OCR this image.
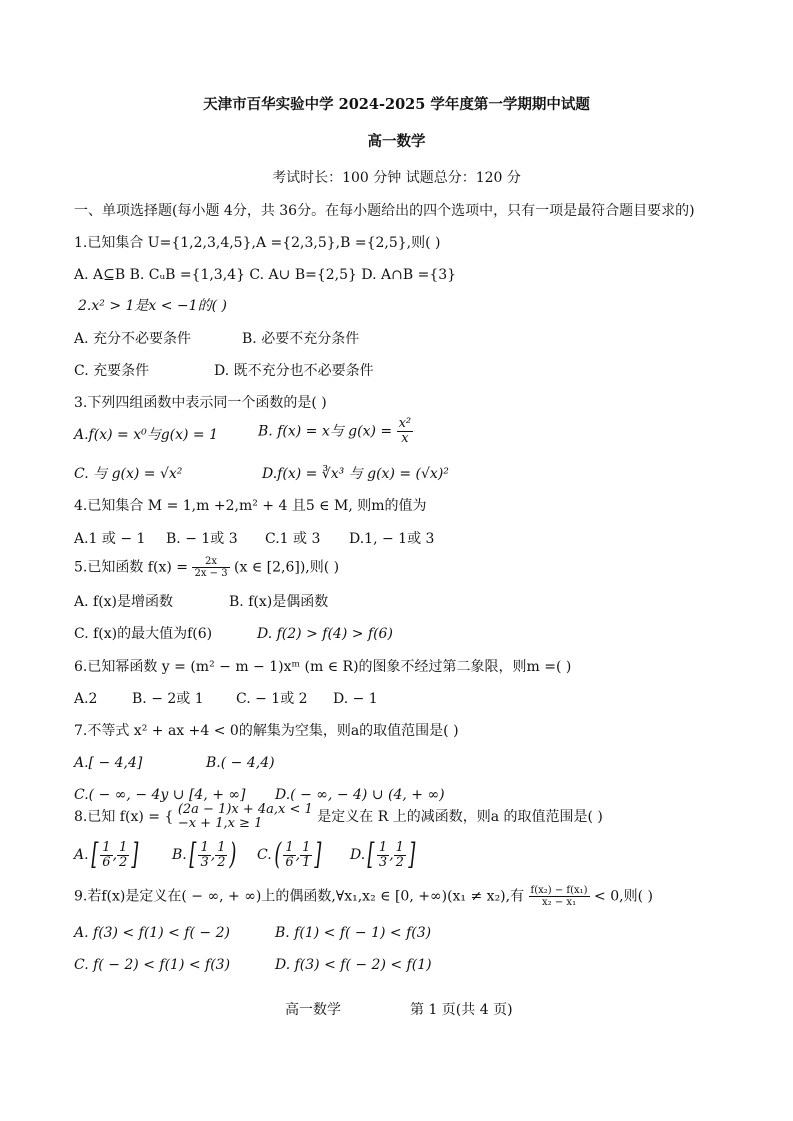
天津市百华实验中学 2024-2025 学年度第一学期期中试题
高一数学
考试时长：100 分钟 试题总分：120 分
一、单项选择题(每小题 4分，共 36分。在每小题给出的四个选项中，只有一项是最符合题目要求的)
1.已知集合 U={1,2,3,4,5},A ={2,3,5},B ={2,5},则( )
A. A⊆B B. CᵤB ={1,3,4} C. A∪ B={2,5} D. A∩B ={3}
2.x² > 1是x < −1的( )
A. 充分不必要条件	B. 必要不充分条件
C. 充要条件	D. 既不充分也不必要条件
3.下列四组函数中表示同一个函数的是( )
A.f(x) = x⁰与g(x) = 1	B. f(x) = x与 $g(x) = \frac{\text{x²}}{x}$
C. 与 g(x) = √x²	D.f(x) = ∛x³ 与 g(x) = (√x)²
4.已知集合 M = 1,m +2,m² + 4 且5 ∈ M, 则m的值为
A.1 或 − 1 B. − 1或 3 C.1 或 3 D.1, − 1或 3
5.已知函数 $f(x) = \frac{2x}{2x - 3} (x$ ∈ [2,6]),则( )
A. f(x)是增函数	B. f(x)是偶函数
C. f(x)的最大值为f(6)	D. f(2) > f(4) > f(6)
6.已知幂函数 y = (m² − m − 1)xᵐ (m ∈ R)的图象不经过第二象限，则m =( )
A.2 B. − 2或 1 C. − 1或 2 D. − 1
7.不等式 x² + ax +4 < 0的解集为空集，则a的取值范围是( )
A.[ − 4,4]	B.( − 4,4)
C.( − ∞, − 4y ∪ [4, + ∞] D.( − ∞, − 4) ∪ (4, + ∞)
8.已知 f(x) = { (2a − 1)x + 4a,x < 1
−x + 1,x ≥ 1	是定义在 R 上的减函数，则a 的取值范围是( )
$A.[ \frac{1}{6}$ , $\frac{1}{2}$ ] $B.[ \frac{1}{3}$ , $\frac{1}{2}$ ) $C.( \frac{1}{6}$ , $\frac{1}{1}$ ] $D.[ \frac{1}{3}$ , $\frac{1}{2}$ ]
9.若f(x)是定义在( − ∞, + ∞)上的偶函数,∀x₁,x₂ ∈ [0, +∞)(x₁ ≠ x₂),有 $\frac{\text{f(x₂) − f(x₁)}}{\text{x₂ − x₁}} < 0$,则( )
A. f(3) < f(1) < f( − 2)	B. f(1) < f( − 1) < f(3)
C. f( − 2) < f(1) < f(3)	D. f(3) < f( − 2) < f(1)
高一数学	第 1 页(共 4 页)
